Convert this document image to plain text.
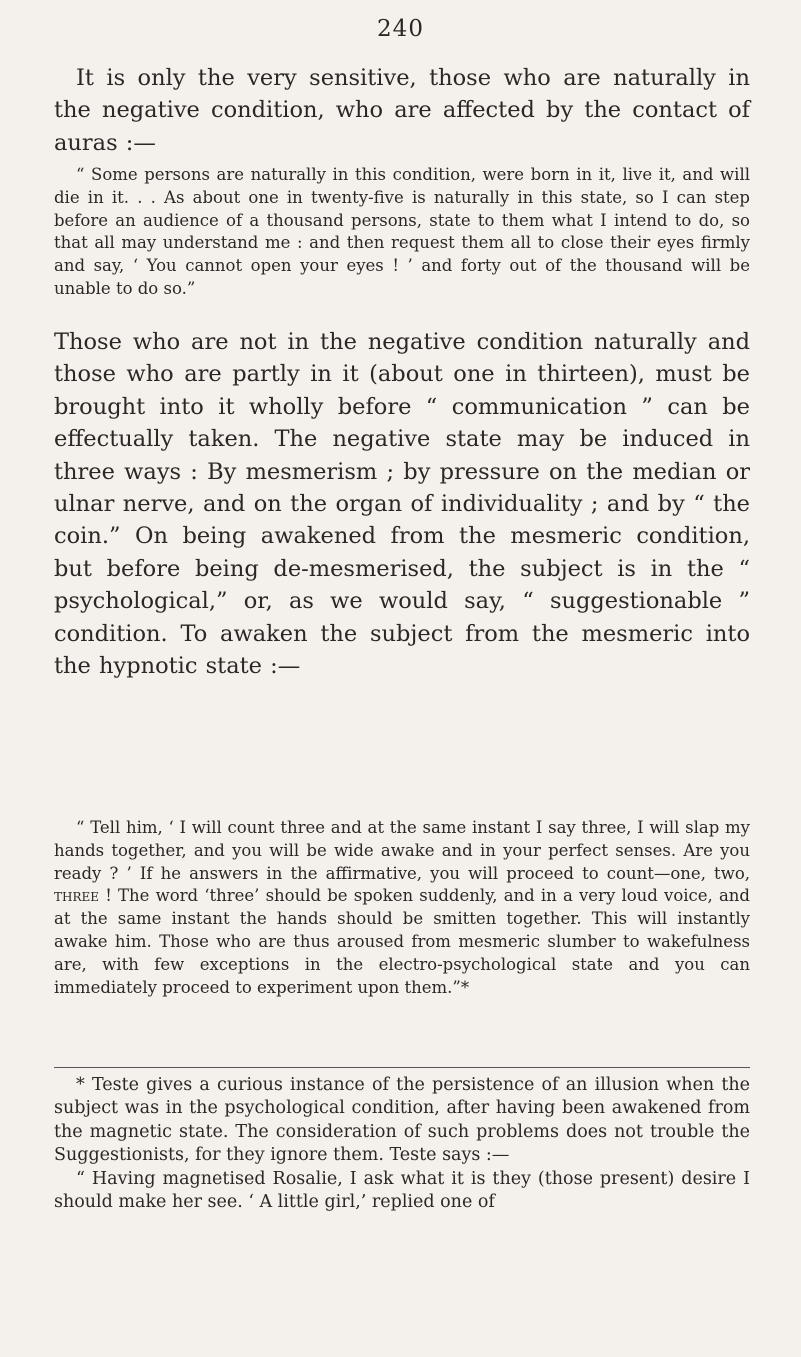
240

It is only the very sensitive, those who are naturally in the negative condition, who are affected by the contact of auras :—

“ Some persons are naturally in this condition, were born in it, live it, and will die in it. . . As about one in twenty-five is naturally in this state, so I can step before an audience of a thousand persons, state to them what I intend to do, so that all may understand me : and then request them all to close their eyes firmly and say, ‘ You cannot open your eyes ! ’ and forty out of the thousand will be unable to do so.”

Those who are not in the negative condition naturally and those who are partly in it (about one in thirteen), must be brought into it wholly before “ communication ” can be effectually taken. The negative state may be induced in three ways : By mesmerism ; by pressure on the median or ulnar nerve, and on the organ of individuality ; and by “ the coin.” On being awakened from the mesmeric condition, but before being de-mesmerised, the subject is in the “ psychological,” or, as we would say, “ suggestionable ” condition. To awaken the subject from the mesmeric into the hypnotic state :—

“ Tell him, ‘ I will count three and at the same instant I say three, I will slap my hands together, and you will be wide awake and in your perfect senses. Are you ready ? ’ If he answers in the affirmative, you will proceed to count—one, two, three ! The word ‘three’ should be spoken suddenly, and in a very loud voice, and at the same instant the hands should be smitten together. This will instantly awake him. Those who are thus aroused from mesmeric slumber to wakefulness are, with few exceptions in the electro-psychological state and you can immediately proceed to experiment upon them.”*

* Teste gives a curious instance of the persistence of an illusion when the subject was in the psychological condition, after having been awakened from the magnetic state. The consideration of such problems does not trouble the Suggestionists, for they ignore them. Teste says :—

“ Having magnetised Rosalie, I ask what it is they (those present) desire I should make her see. ‘ A little girl,’ replied one of
